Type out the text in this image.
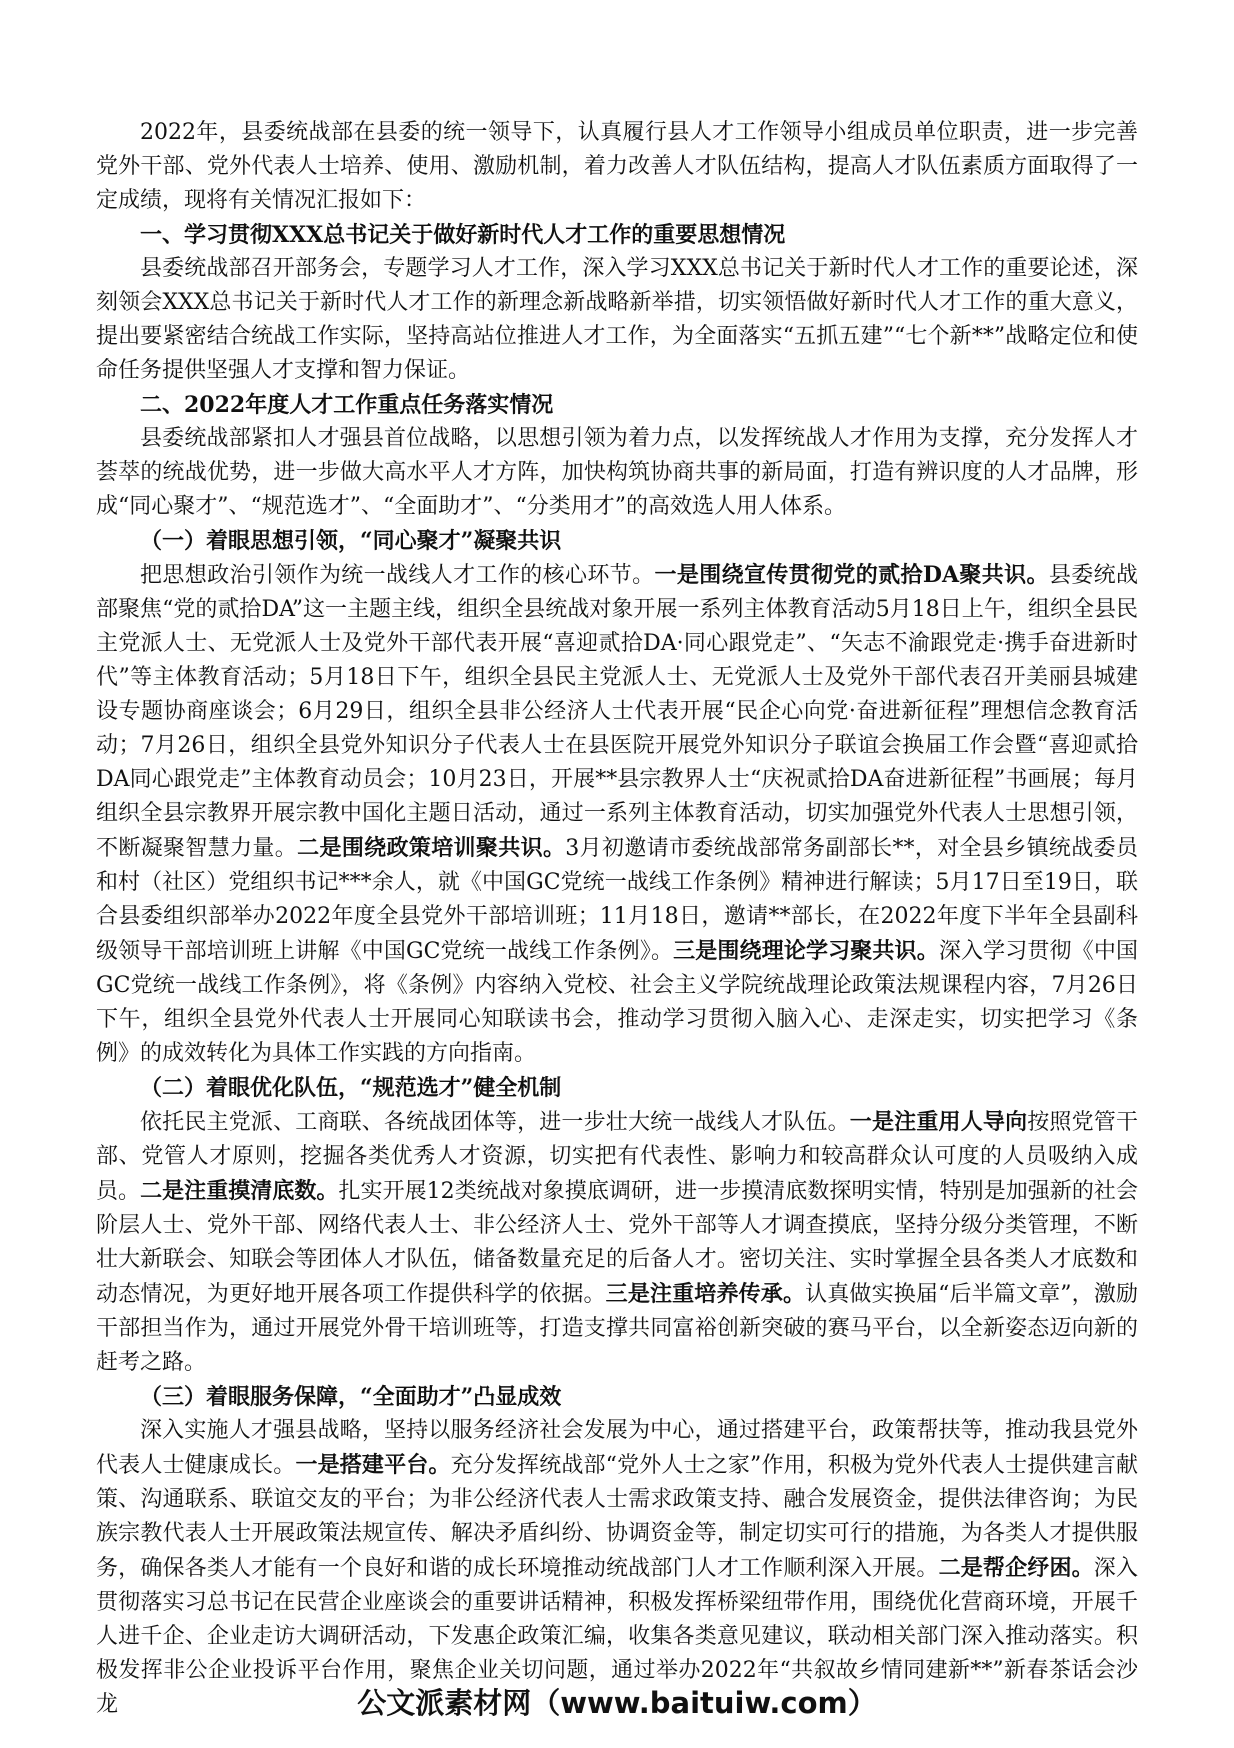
2022年，县委统战部在县委的统一领导下，认真履行县人才工作领导小组成员单位职责，进一步完善党外干部、党外代表人士培养、使用、激励机制，着力改善人才队伍结构，提高人才队伍素质方面取得了一定成绩，现将有关情况汇报如下：

一、学习贯彻XXX总书记关于做好新时代人才工作的重要思想情况

县委统战部召开部务会，专题学习人才工作，深入学习XXX总书记关于新时代人才工作的重要论述，深刻领会XXX总书记关于新时代人才工作的新理念新战略新举措，切实领悟做好新时代人才工作的重大意义，提出要紧密结合统战工作实际，坚持高站位推进人才工作，为全面落实“五抓五建”“七个新**”战略定位和使命任务提供坚强人才支撑和智力保证。

二、2022年度人才工作重点任务落实情况

县委统战部紧扣人才强县首位战略，以思想引领为着力点，以发挥统战人才作用为支撑，充分发挥人才荟萃的统战优势，进一步做大高水平人才方阵，加快构筑协商共事的新局面，打造有辨识度的人才品牌，形成“同心聚才”、“规范选才”、“全面助才”、“分类用才”的高效选人用人体系。

（一）着眼思想引领，“同心聚才”凝聚共识

把思想政治引领作为统一战线人才工作的核心环节。一是围绕宣传贯彻党的贰拾DA聚共识。县委统战部聚焦“党的贰拾DA”这一主题主线，组织全县统战对象开展一系列主体教育活动5月18日上午，组织全县民主党派人士、无党派人士及党外干部代表开展“喜迎贰拾DA·同心跟党走”、“矢志不渝跟党走·携手奋进新时代”等主体教育活动；5月18日下午，组织全县民主党派人士、无党派人士及党外干部代表召开美丽县城建设专题协商座谈会；6月29日，组织全县非公经济人士代表开展“民企心向党·奋进新征程”理想信念教育活动；7月26日，组织全县党外知识分子代表人士在县医院开展党外知识分子联谊会换届工作会暨“喜迎贰拾DA同心跟党走”主体教育动员会；10月23日，开展**县宗教界人士“庆祝贰拾DA奋进新征程”书画展；每月组织全县宗教界开展宗教中国化主题日活动，通过一系列主体教育活动，切实加强党外代表人士思想引领，不断凝聚智慧力量。二是围绕政策培训聚共识。3月初邀请市委统战部常务副部长**，对全县乡镇统战委员和村（社区）党组织书记***余人，就《中国GC党统一战线工作条例》精神进行解读；5月17日至19日，联合县委组织部举办2022年度全县党外干部培训班；11月18日，邀请**部长，在2022年度下半年全县副科级领导干部培训班上讲解《中国GC党统一战线工作条例》。三是围绕理论学习聚共识。深入学习贯彻《中国GC党统一战线工作条例》，将《条例》内容纳入党校、社会主义学院统战理论政策法规课程内容，7月26日下午，组织全县党外代表人士开展同心知联读书会，推动学习贯彻入脑入心、走深走实，切实把学习《条例》的成效转化为具体工作实践的方向指南。

（二）着眼优化队伍，“规范选才”健全机制

依托民主党派、工商联、各统战团体等，进一步壮大统一战线人才队伍。一是注重用人导向按照党管干部、党管人才原则，挖掘各类优秀人才资源，切实把有代表性、影响力和较高群众认可度的人员吸纳入成员。二是注重摸清底数。扎实开展12类统战对象摸底调研，进一步摸清底数探明实情，特别是加强新的社会阶层人士、党外干部、网络代表人士、非公经济人士、党外干部等人才调查摸底，坚持分级分类管理，不断壮大新联会、知联会等团体人才队伍，储备数量充足的后备人才。密切关注、实时掌握全县各类人才底数和动态情况，为更好地开展各项工作提供科学的依据。三是注重培养传承。认真做实换届“后半篇文章”，激励干部担当作为，通过开展党外骨干培训班等，打造支撑共同富裕创新突破的赛马平台，以全新姿态迈向新的赶考之路。

（三）着眼服务保障，“全面助才”凸显成效

深入实施人才强县战略，坚持以服务经济社会发展为中心，通过搭建平台，政策帮扶等，推动我县党外代表人士健康成长。一是搭建平台。充分发挥统战部“党外人士之家”作用，积极为党外代表人士提供建言献策、沟通联系、联谊交友的平台；为非公经济代表人士需求政策支持、融合发展资金，提供法律咨询；为民族宗教代表人士开展政策法规宣传、解决矛盾纠纷、协调资金等，制定切实可行的措施，为各类人才提供服务，确保各类人才能有一个良好和谐的成长环境推动统战部门人才工作顺利深入开展。二是帮企纾困。深入贯彻落实习总书记在民营企业座谈会的重要讲话精神，积极发挥桥梁纽带作用，围绕优化营商环境，开展千人进千企、企业走访大调研活动，下发惠企政策汇编，收集各类意见建议，联动相关部门深入推动落实。积极发挥非公企业投诉平台作用，聚焦企业关切问题，通过举办2022年“共叙故乡情同建新**”新春茶话会沙龙	公文派素材网（www.baituiw.com）
